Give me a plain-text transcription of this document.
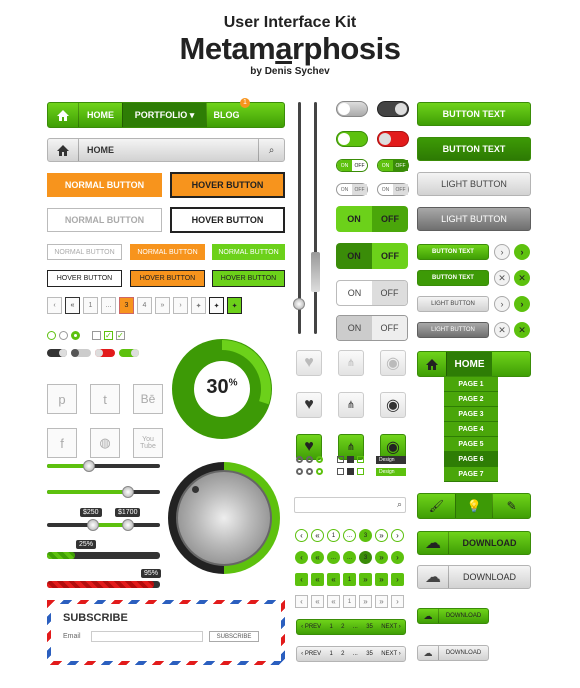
User Interface Kit
Metamarphosis
by Denis Sychev
HOME	PORTFOLIO ▾	BLOG
1
HOME	⌕
NORMAL BUTTON	HOVER BUTTON
NORMAL BUTTON	HOVER BUTTON
NORMAL BUTTON	NORMAL BUTTON	NORMAL BUTTON
HOVER BUTTON	HOVER BUTTON	HOVER BUTTON
‹	«	1	...	3	4	»	›	✦	✦	✦
✓ ✓
p	t	Bē
f	◍	You Tube
$250	$1700
25%
95%
SUBSCRIBE
Email	SUBSCRIBE
30%
ON	OFF	ON	OFF
ON	OFF	ON	OFF
ON	OFF
ON	OFF
ON	OFF
ON	OFF
BUTTON TEXT
BUTTON TEXT
LIGHT BUTTON
LIGHT BUTTON
BUTTON TEXT
BUTTON TEXT
LIGHT BUTTON
LIGHT BUTTON
›	›
✕	✕
›	›
✕	✕
♥	⋔	◉
♥	⋔	◉
♥	⋔	◉
Design
Design
⌕
‹	«	1	...	3	»	›
‹	«	...	...	3	»	›
‹	«	«	1	»	»	›
‹	«	«	1	»	»	›
‹ PREV 1 2 ... 35 NEXT ›
‹ PREV 1 2 ... 35 NEXT ›
HOME
PAGE 1
PAGE 2
PAGE 3
PAGE 4
PAGE 5
PAGE 6
PAGE 7
🖌	💡	✎
☁	DOWNLOAD
☁	DOWNLOAD
☁	DOWNLOAD
☁	DOWNLOAD
